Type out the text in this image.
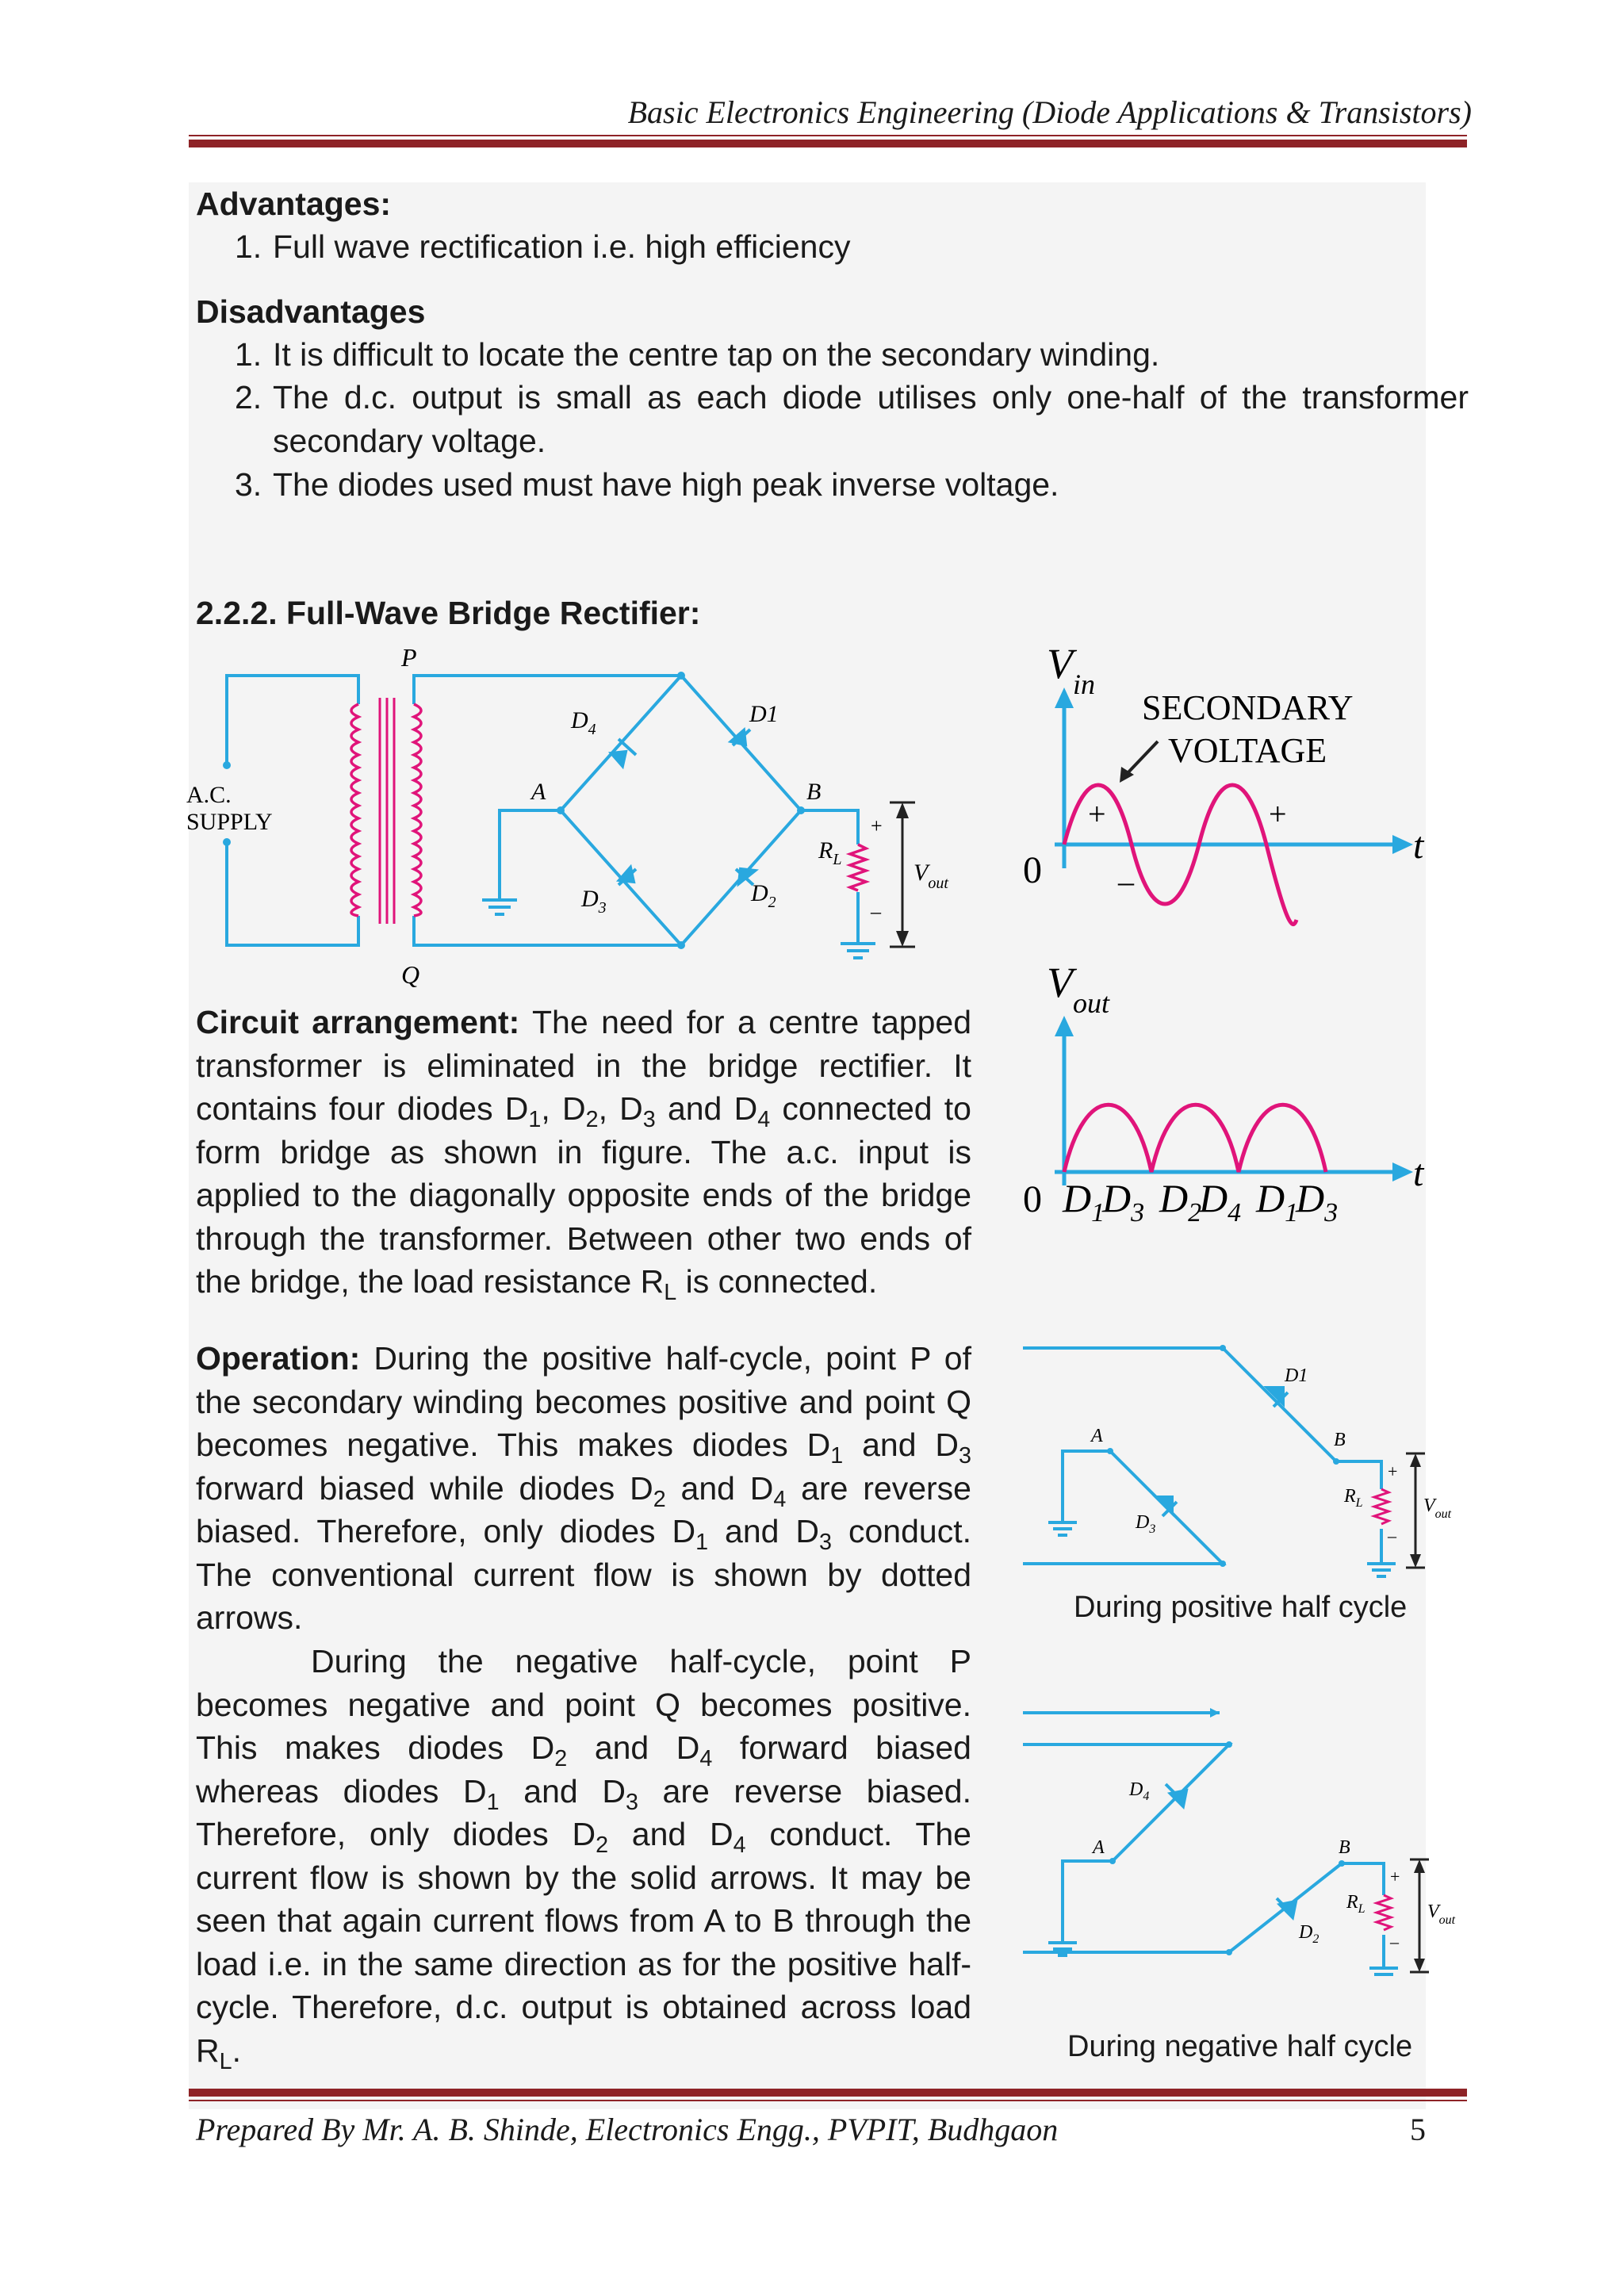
Basic Electronics Engineering (Diode Applications & Transistors)
Advantages:
1. Full wave rectification i.e. high efficiency
Disadvantages
1. It is difficult to locate the centre tap on the secondary winding.
2. The d.c. output is small as each diode utilises only one-half of the transformer secondary voltage.
3. The diodes used must have high peak inverse voltage.
2.2.2. Full-Wave Bridge Rectifier:
A.C.
SUPPLY
P
Q
A	B
D1
$D_4$
$D_3$
$D_2$
$R_L$
+
–
$V_{out}$
$V_{in}$
SECONDARY
VOLTAGE
+
–
+
0
t
$V_{out}$
0
t
$D_1$
$D_3$ $D_2$
$D_4$ $D_1$
$D_3$
Circuit arrangement: The need for a centre tapped transformer is eliminated in the bridge rectifier. It contains four diodes $D_1$, $D_2$, $D_3$ and $D_4$ connected to form bridge as shown in figure. The a.c. input is applied to the diagonally opposite ends of the bridge through the transformer. Between other two ends of the bridge, the load resistance $R_L$ is connected.
Operation: During the positive half-cycle, point P of the secondary winding becomes positive and point Q becomes negative. This makes diodes $D_1$ and $D_3$ forward biased while diodes $D_2$ and $D_4$ are reverse biased. Therefore, only diodes $D_1$ and $D_3$ conduct. The conventional current flow is shown by dotted arrows.
During the negative half-cycle, point P becomes negative and point Q becomes positive. This makes diodes $D_2$ and $D_4$ forward biased whereas diodes $D_1$ and $D_3$ are reverse biased. Therefore, only diodes $D_2$ and $D_4$ conduct. The current flow is shown by the solid arrows. It may be seen that again current flows from A to B through the load i.e. in the same direction as for the positive half-cycle. Therefore, d.c. output is obtained across load $R_L$.
A	B
D1
$D_3$
$R_L$
+
–
$V_{out}$
During positive half cycle
A	B
$D_4$
$D_2$
$R_L$
+
–
$V_{out}$
During negative half cycle
Prepared By Mr. A. B. Shinde, Electronics Engg., PVPIT, Budhgaon	5
